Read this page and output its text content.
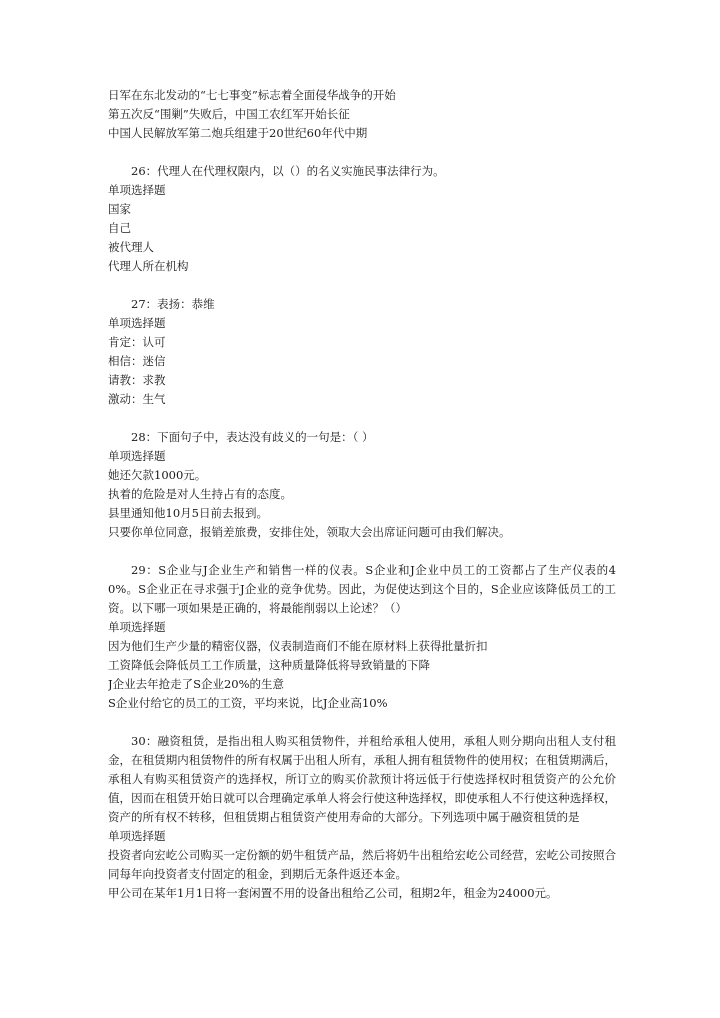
日军在东北发动的“七七事变”标志着全面侵华战争的开始
第五次反“围剿”失败后，中国工农红军开始长征
中国人民解放军第二炮兵组建于20世纪60年代中期
26：代理人在代理权限内，以（）的名义实施民事法律行为。
单项选择题
国家
自己
被代理人
代理人所在机构
27：表扬：恭维
单项选择题
肯定：认可
相信：迷信
请教：求教
激动：生气
28：下面句子中，表达没有歧义的一句是：（ ）
单项选择题
她还欠款1000元。
执着的危险是对人生持占有的态度。
县里通知他10月5日前去报到。
只要你单位同意，报销差旅费，安排住处，领取大会出席证问题可由我们解决。
29：S企业与J企业生产和销售一样的仪表。S企业和J企业中员工的工资都占了生产仪表的40%。S企业正在寻求强于J企业的竞争优势。因此，为促使达到这个目的，S企业应该降低员工的工资。以下哪一项如果是正确的，将最能削弱以上论述？（）
单项选择题
因为他们生产少量的精密仪器，仪表制造商们不能在原材料上获得批量折扣
工资降低会降低员工工作质量，这种质量降低将导致销量的下降
J企业去年抢走了S企业20%的生意
S企业付给它的员工的工资，平均来说，比J企业高10%
30：融资租赁，是指出租人购买租赁物件，并租给承租人使用，承租人则分期向出租人支付租金，在租赁期内租赁物件的所有权属于出租人所有，承租人拥有租赁物件的使用权；在租赁期满后，承租人有购买租赁资产的选择权，所订立的购买价款预计将远低于行使选择权时租赁资产的公允价值，因而在租赁开始日就可以合理确定承单人将会行使这种选择权，即使承租人不行使这种选择权，资产的所有权不转移，但租赁期占租赁资产使用寿命的大部分。下列选项中属于融资租赁的是
单项选择题
投资者向宏屹公司购买一定份额的奶牛租赁产品，然后将奶牛出租给宏屹公司经营，宏屹公司按照合同每年向投资者支付固定的租金，到期后无条件返还本金。
甲公司在某年1月1日将一套闲置不用的设备出租给乙公司，租期2年，租金为24000元。
